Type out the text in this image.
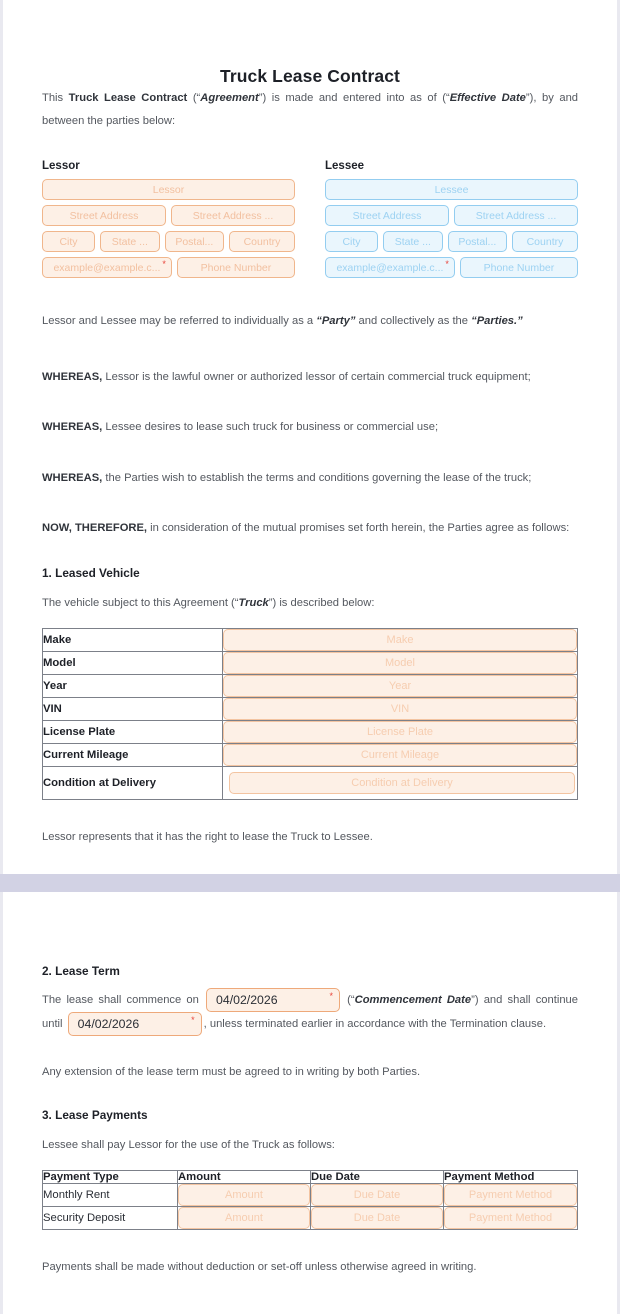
Truck Lease Contract

This Truck Lease Contract (“Agreement”) is made and entered into as of (“Effective Date”), by and between the parties below:

Lessor
Lessor
Street Address	Street Address ...
City	State ...	Postal...	Country
example@example.c... *	Phone Number
Lessee
Lessee
Street Address	Street Address ...
City	State ...	Postal...	Country
example@example.c... *	Phone Number

Lessor and Lessee may be referred to individually as a “Party” and collectively as the “Parties.”

WHEREAS, Lessor is the lawful owner or authorized lessor of certain commercial truck equipment;

WHEREAS, Lessee desires to lease such truck for business or commercial use;

WHEREAS, the Parties wish to establish the terms and conditions governing the lease of the truck;

NOW, THEREFORE, in consideration of the mutual promises set forth herein, the Parties agree as follows:

1. Leased Vehicle

The vehicle subject to this Agreement (“Truck”) is described below:

Make	Make

Model	Model

Year	Year

VIN	VIN

License Plate	License Plate

Current Mileage	Current Mileage

Condition at Delivery	Condition at Delivery

Lessor represents that it has the right to lease the Truck to Lessee.

2. Lease Term

The lease shall commence on 04/02/2026	* (“Commencement Date”) and shall continue until 04/02/2026	* , unless terminated earlier in accordance with the Termination clause.

Any extension of the lease term must be agreed to in writing by both Parties.

3. Lease Payments

Lessee shall pay Lessor for the use of the Truck as follows:

Payment Type	Amount	Due Date	Payment Method
Monthly Rent	Amount	Due Date	Payment Method

Security Deposit	Amount	Due Date	Payment Method

Payments shall be made without deduction or set-off unless otherwise agreed in writing.
